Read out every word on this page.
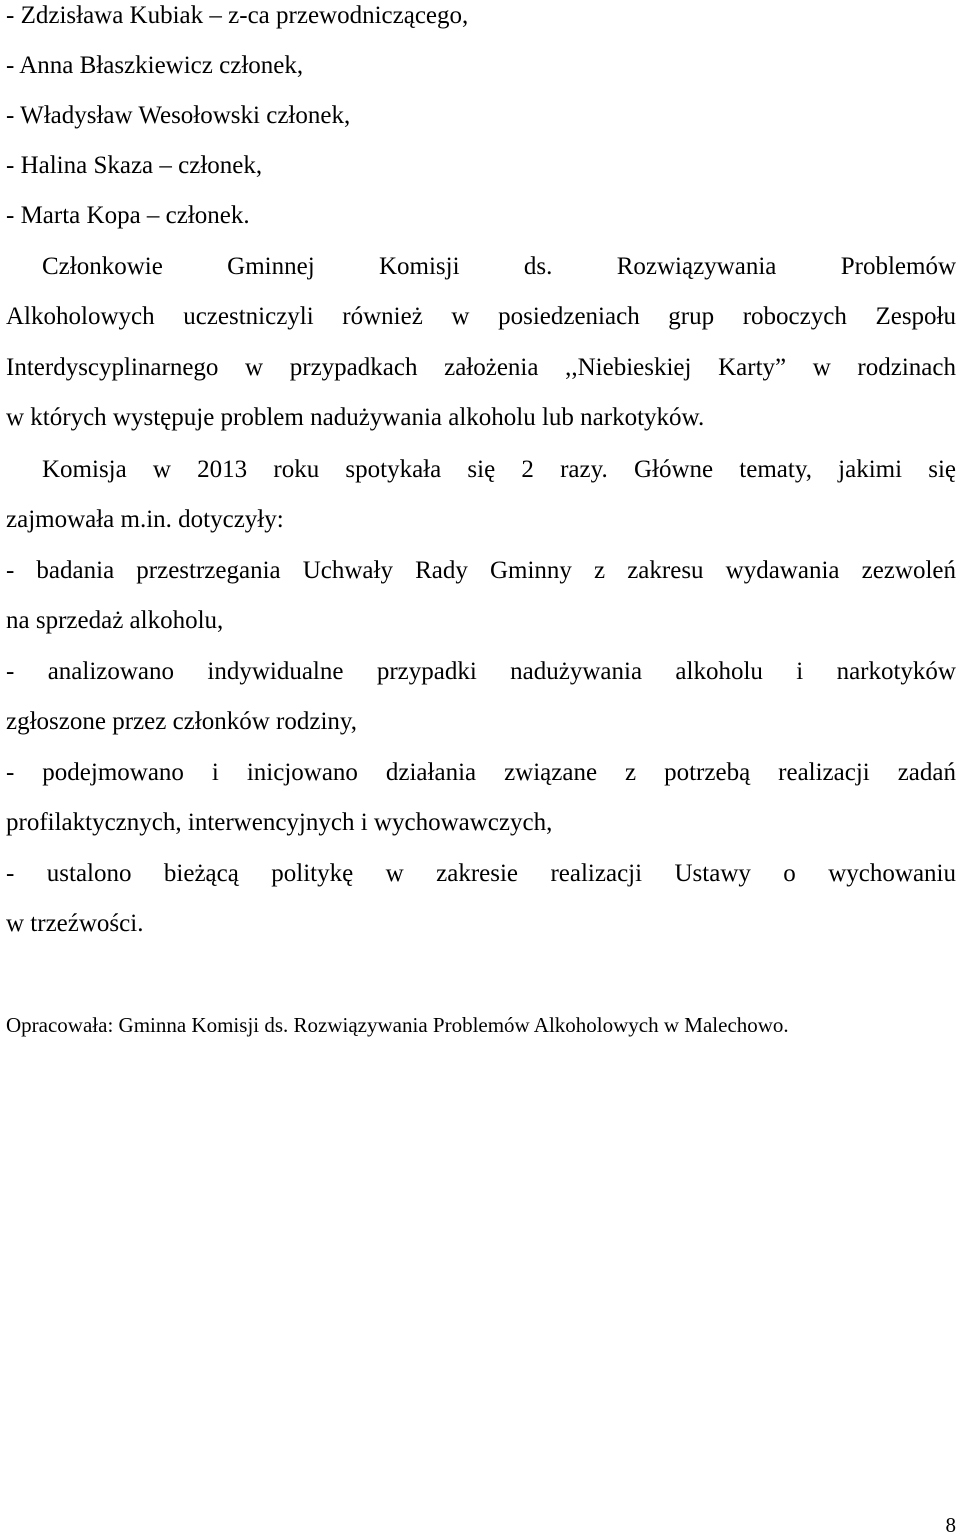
- Zdzisława Kubiak – z-ca przewodniczącego,
- Anna Błaszkiewicz członek,
- Władysław Wesołowski członek,
- Halina Skaza – członek,
- Marta Kopa – członek.
Członkowie Gminnej Komisji ds. Rozwiązywania Problemów
Alkoholowych uczestniczyli również w posiedzeniach grup roboczych Zespołu
Interdyscyplinarnego w przypadkach założenia ,,Niebieskiej Karty” w rodzinach
w których występuje problem nadużywania alkoholu lub narkotyków.
Komisja w 2013 roku spotykała się 2 razy. Główne tematy, jakimi się
zajmowała m.in. dotyczyły:
- badania przestrzegania Uchwały Rady Gminny z zakresu wydawania zezwoleń
na sprzedaż alkoholu,
- analizowano indywidualne przypadki nadużywania alkoholu i narkotyków
zgłoszone przez członków rodziny,
- podejmowano i inicjowano działania związane z potrzebą realizacji zadań
profilaktycznych, interwencyjnych i wychowawczych,
- ustalono bieżącą politykę w zakresie realizacji Ustawy o wychowaniu
w trzeźwości.
Opracowała: Gminna Komisji ds. Rozwiązywania Problemów Alkoholowych w Malechowo.
8
